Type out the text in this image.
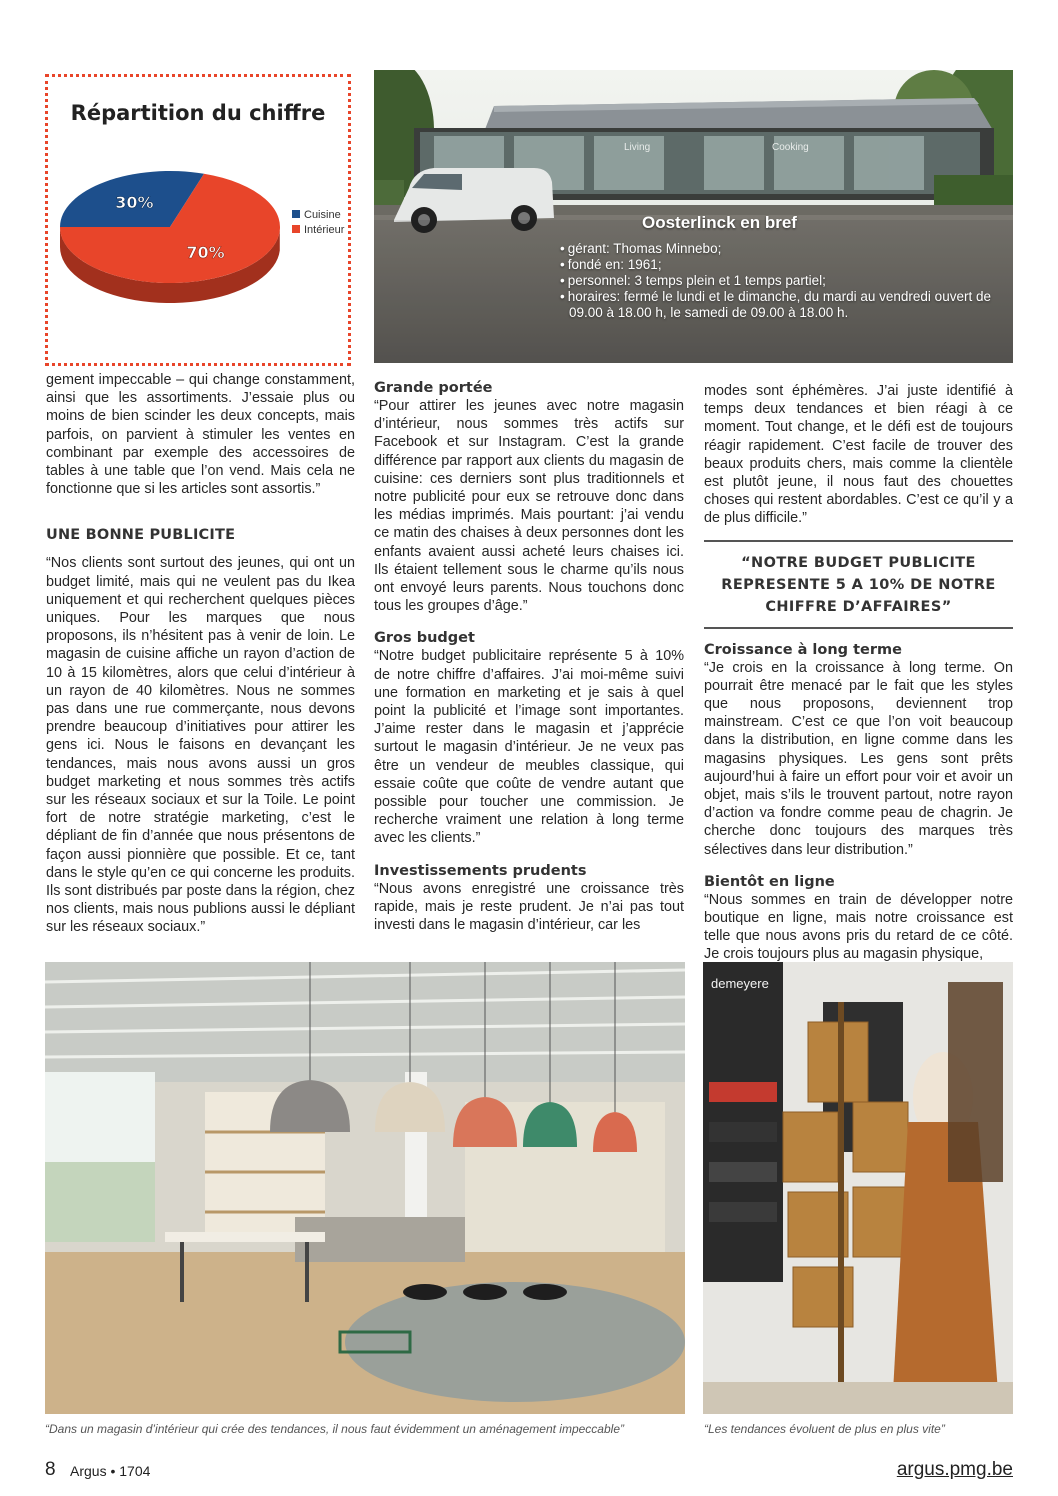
Répartition du chiffre
30%
70%
Cuisine
Intérieur
Living	Cooking
Oosterlinck en bref
• gérant: Thomas Minnebo;
• fondé en: 1961;
• personnel: 3 temps plein et 1 temps partiel;
• horaires: fermé le lundi et le dimanche, du mardi au vendredi ouvert de 09.00 à 18.00 h, le samedi de 09.00 à 18.00 h.

gement impeccable – qui change constamment, ainsi que les assortiments. J’essaie plus ou moins de bien scinder les deux concepts, mais parfois, on parvient à stimuler les ventes en combinant par exemple des accessoires de tables à une table que l’on vend. Mais cela ne fonctionne que si les articles sont assortis.”

UNE BONNE PUBLICITE

“Nos clients sont surtout des jeunes, qui ont un budget limité, mais qui ne veulent pas du Ikea uniquement et qui recherchent quelques pièces uniques. Pour les marques que nous proposons, ils n’hésitent pas à venir de loin. Le magasin de cuisine affiche un rayon d’action de 10 à 15 kilomètres, alors que celui d’intérieur à un rayon de 40 kilomètres. Nous ne sommes pas dans une rue commerçante, nous devons prendre beaucoup d’initiatives pour attirer les gens ici. Nous le faisons en devançant les tendances, mais nous avons aussi un gros budget marketing et nous sommes très actifs sur les réseaux sociaux et sur la Toile. Le point fort de notre stratégie marketing, c’est le dépliant de fin d’année que nous présentons de façon aussi pionnière que possible. Et ce, tant dans le style qu’en ce qui concerne les produits. Ils sont distribués par poste dans la région, chez nos clients, mais nous publions aussi le dépliant sur les réseaux sociaux.”

Grande portée

“Pour attirer les jeunes avec notre magasin d’intérieur, nous sommes très actifs sur Facebook et sur Instagram. C’est la grande différence par rapport aux clients du magasin de cuisine: ces derniers sont plus traditionnels et notre publicité pour eux se retrouve donc dans les médias imprimés. Mais pourtant: j’ai vendu ce matin des chaises à deux personnes dont les enfants avaient aussi acheté leurs chaises ici. Ils étaient tellement sous le charme qu’ils nous ont envoyé leurs parents. Nous touchons donc tous les groupes d’âge.”

Gros budget

“Notre budget publicitaire représente 5 à 10% de notre chiffre d’affaires. J’ai moi-même suivi une formation en marketing et je sais à quel point la publicité et l’image sont importantes. J’aime rester dans le magasin et j’apprécie surtout le magasin d’intérieur. Je ne veux pas être un vendeur de meubles classique, qui essaie coûte que coûte de vendre autant que possible pour toucher une commission. Je recherche vraiment une relation à long terme avec les clients.”

Investissements prudents

“Nous avons enregistré une croissance très rapide, mais je reste prudent. Je n’ai pas tout investi dans le magasin d’intérieur, car les

modes sont éphémères. J’ai juste identifié à temps deux tendances et bien réagi à ce moment. Tout change, et le défi est de toujours réagir rapidement. C’est facile de trouver des beaux produits chers, mais comme la clientèle est plutôt jeune, il nous faut des chouettes choses qui restent abordables. C’est ce qu’il y a de plus difficile.”

“NOTRE BUDGET PUBLICITE REPRESENTE 5 A 10% DE NOTRE CHIFFRE D’AFFAIRES”
Croissance à long terme

“Je crois en la croissance à long terme. On pourrait être menacé par le fait que les styles que nous proposons, deviennent trop mainstream. C’est ce que l’on voit beaucoup dans la distribution, en ligne comme dans les magasins physiques. Les gens sont prêts aujourd’hui à faire un effort pour voir et avoir un objet, mais s’ils le trouvent partout, notre rayon d’action va fondre comme peau de chagrin. Je cherche donc toujours des marques très sélectives dans leur distribution.”

Bientôt en ligne

“Nous sommes en train de développer notre boutique en ligne, mais notre croissance est telle que nous avons pris du retard de ce côté. Je crois toujours plus au magasin physique,

demeyere
“Dans un magasin d’intérieur qui crée des tendances, il nous faut évidemment un aménagement impeccable”	“Les tendances évoluent de plus en plus vite”
8 Argus • 1704	argus.pmg.be
